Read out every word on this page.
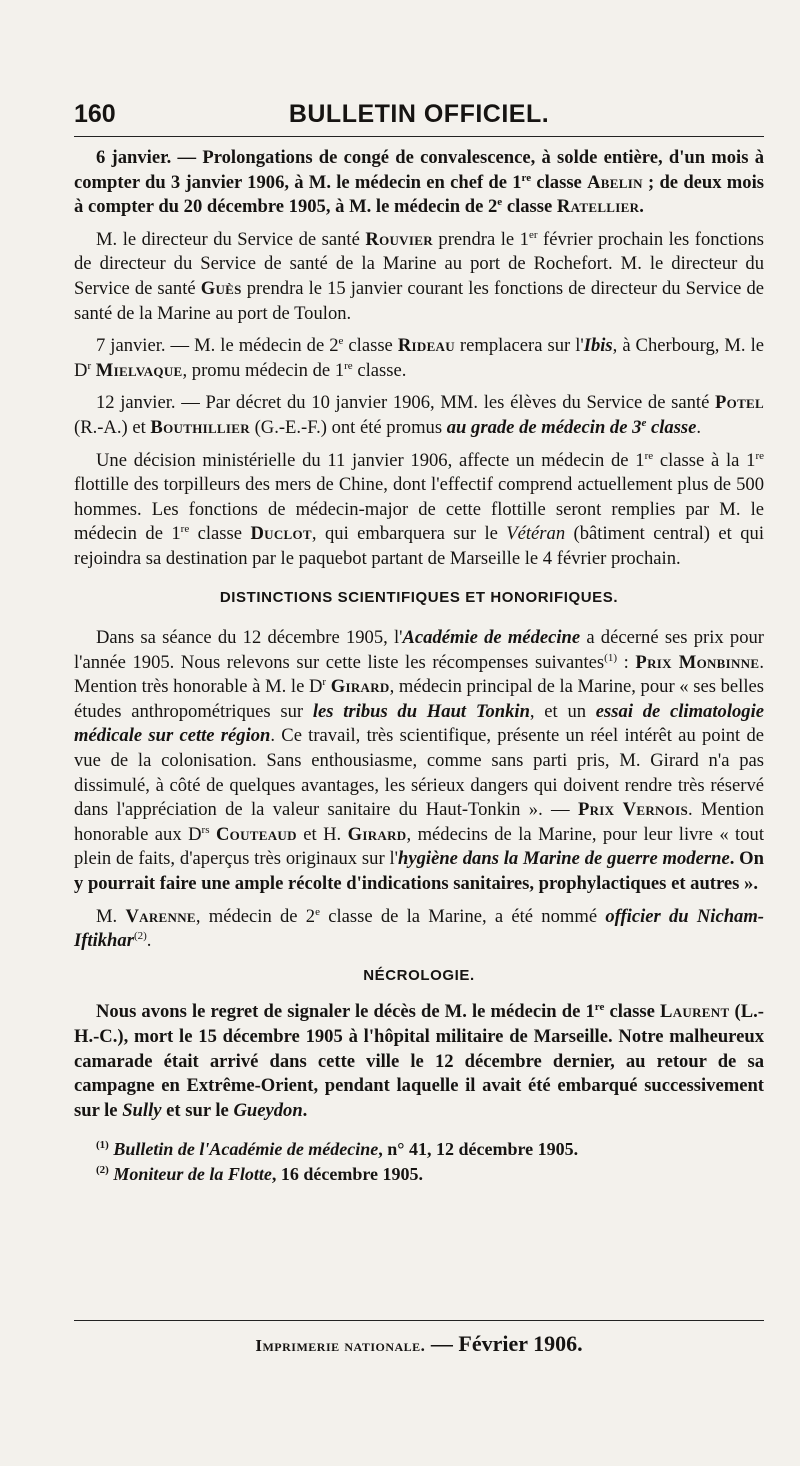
160	BULLETIN OFFICIEL.

6 janvier. — Prolongations de congé de convalescence, à solde entière, d'un mois à compter du 3 janvier 1906, à M. le médecin en chef de 1re classe Abelin ; de deux mois à compter du 20 décembre 1905, à M. le médecin de 2e classe Ratellier.

M. le directeur du Service de santé Rouvier prendra le 1er février prochain les fonctions de directeur du Service de santé de la Marine au port de Rochefort. M. le directeur du Service de santé Guès prendra le 15 janvier courant les fonctions de directeur du Service de santé de la Marine au port de Toulon.

7 janvier. — M. le médecin de 2e classe Rideau remplacera sur l'Ibis, à Cherbourg, M. le $D^r$ Mielvaque, promu médecin de 1re classe.

12 janvier. — Par décret du 10 janvier 1906, MM. les élèves du Service de santé Potel (R.-A.) et Bouthillier (G.-E.-F.) ont été promus au grade de médecin de 3e classe.

Une décision ministérielle du 11 janvier 1906, affecte un médecin de 1re classe à la 1re flottille des torpilleurs des mers de Chine, dont l'effectif comprend actuellement plus de 500 hommes. Les fonctions de médecin-major de cette flottille seront remplies par M. le médecin de 1re classe Duclot, qui embarquera sur le Vétéran (bâtiment central) et qui rejoindra sa destination par le paquebot partant de Marseille le 4 février prochain.

DISTINCTIONS SCIENTIFIQUES ET HONORIFIQUES.

Dans sa séance du 12 décembre 1905, l'Académie de médecine a décerné ses prix pour l'année 1905. Nous relevons sur cette liste les récompenses suivantes$^{(1)}$ : Prix Monbinne. Mention très honorable à M. le $D^r$ Girard, médecin principal de la Marine, pour « ses belles études anthropométriques sur les tribus du Haut Tonkin, et un essai de climatologie médicale sur cette région. Ce travail, très scientifique, présente un réel intérêt au point de vue de la colonisation. Sans enthousiasme, comme sans parti pris, M. Girard n'a pas dissimulé, à côté de quelques avantages, les sérieux dangers qui doivent rendre très réservé dans l'appréciation de la valeur sanitaire du Haut-Tonkin ». — Prix Vernois. Mention honorable aux $D^{rs}$ Couteaud et H. Girard, médecins de la Marine, pour leur livre « tout plein de faits, d'aperçus très originaux sur l'hygiène dans la Marine de guerre moderne. On y pourrait faire une ample récolte d'indications sanitaires, prophylactiques et autres ».

M. Varenne, médecin de 2e classe de la Marine, a été nommé officier du Nicham-Iftikhar$^{(2)}$.

NÉCROLOGIE.

Nous avons le regret de signaler le décès de M. le médecin de 1re classe Laurent (L.-H.-C.), mort le 15 décembre 1905 à l'hôpital militaire de Marseille. Notre malheureux camarade était arrivé dans cette ville le 12 décembre dernier, au retour de sa campagne en Extrême-Orient, pendant laquelle il avait été embarqué successivement sur le Sully et sur le Gueydon.

$^{(1)}$ Bulletin de l'Académie de médecine, n° 41, 12 décembre 1905.

$^{(2)}$ Moniteur de la Flotte, 16 décembre 1905.

Imprimerie nationale. — Février 1906.
